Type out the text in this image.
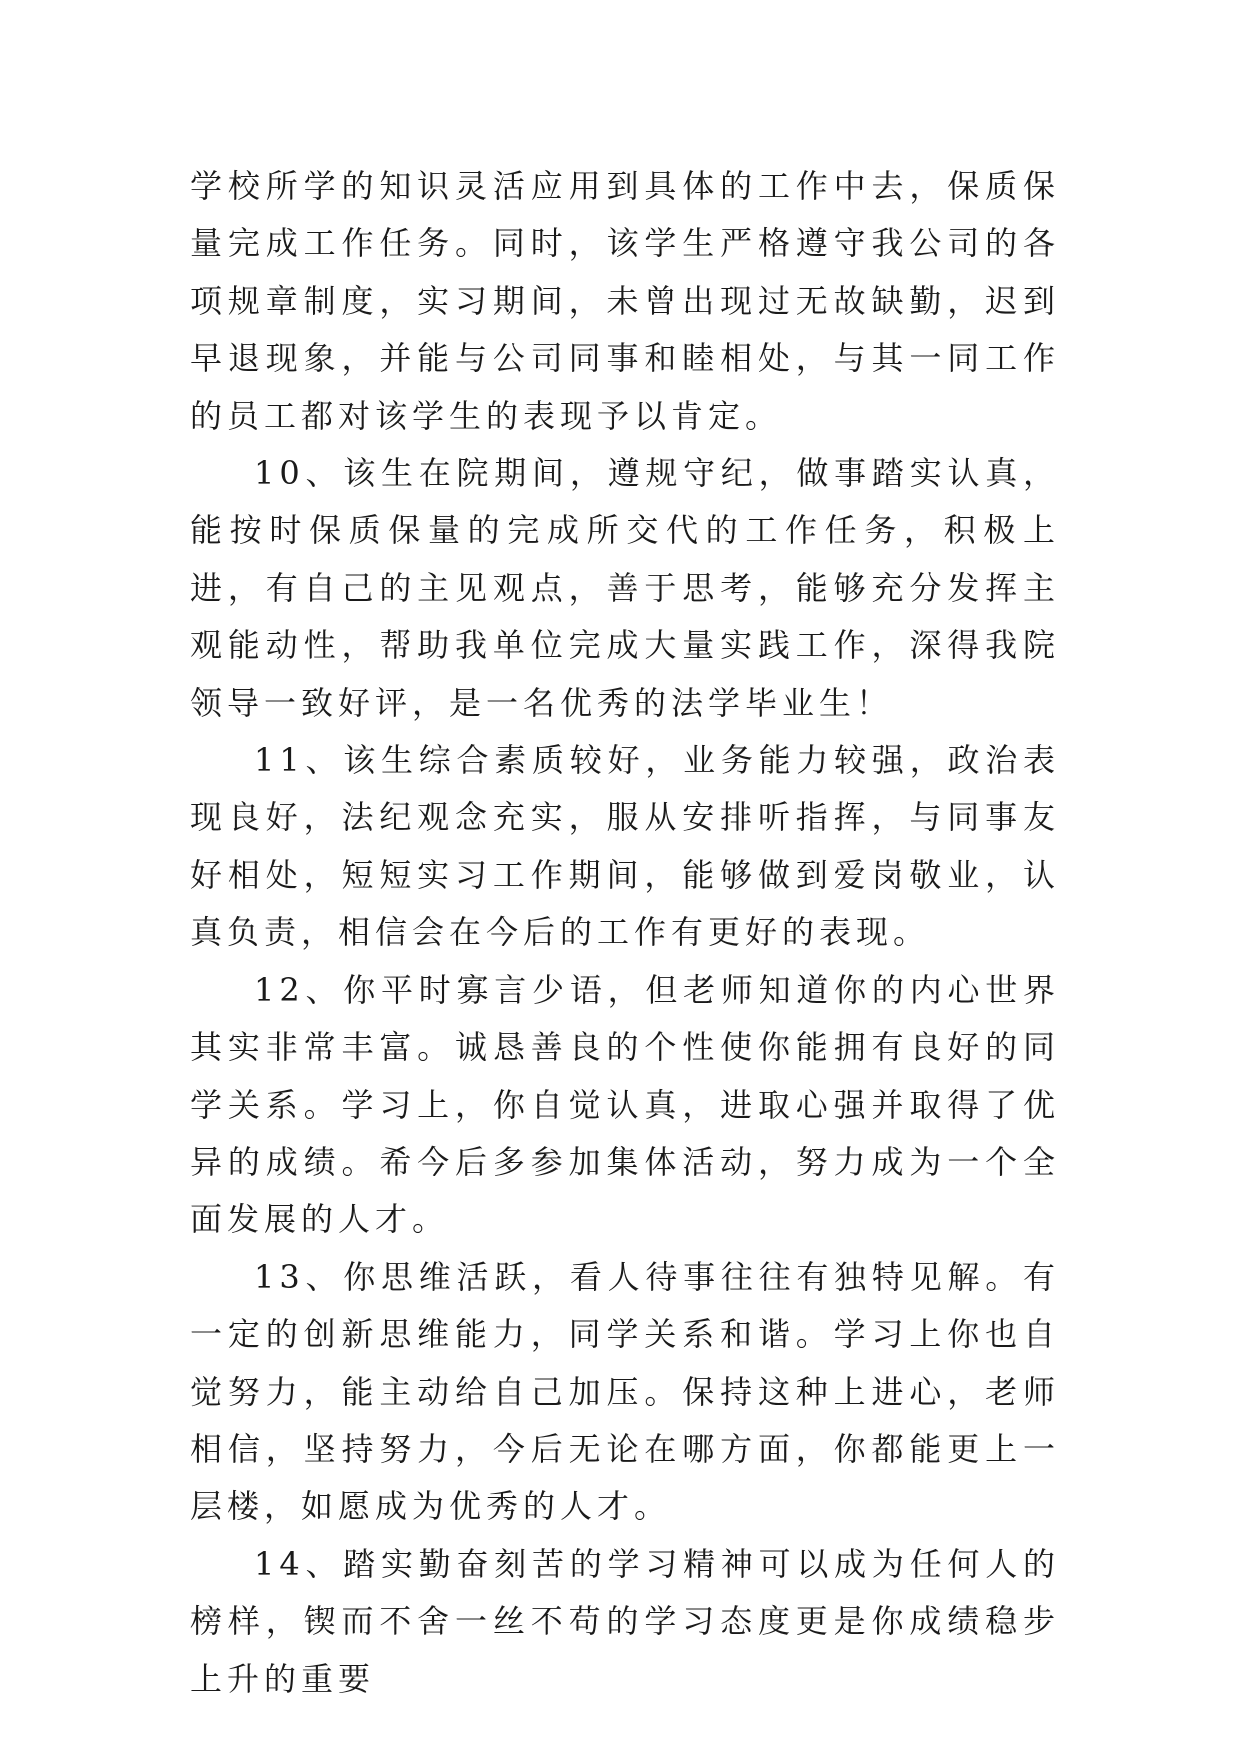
学校所学的知识灵活应用到具体的工作中去，保质保量完成工作任务。同时，该学生严格遵守我公司的各项规章制度，实习期间，未曾出现过无故缺勤，迟到早退现象，并能与公司同事和睦相处，与其一同工作的员工都对该学生的表现予以肯定。

10、该生在院期间，遵规守纪，做事踏实认真，能按时保质保量的完成所交代的工作任务，积极上进，有自己的主见观点，善于思考，能够充分发挥主观能动性，帮助我单位完成大量实践工作，深得我院领导一致好评，是一名优秀的法学毕业生！

11、该生综合素质较好，业务能力较强，政治表现良好，法纪观念充实，服从安排听指挥，与同事友好相处，短短实习工作期间，能够做到爱岗敬业，认真负责，相信会在今后的工作有更好的表现。

12、你平时寡言少语，但老师知道你的内心世界其实非常丰富。诚恳善良的个性使你能拥有良好的同学关系。学习上，你自觉认真，进取心强并取得了优异的成绩。希今后多参加集体活动，努力成为一个全面发展的人才。

13、你思维活跃，看人待事往往有独特见解。有一定的创新思维能力，同学关系和谐。学习上你也自觉努力，能主动给自己加压。保持这种上进心，老师相信，坚持努力，今后无论在哪方面，你都能更上一层楼，如愿成为优秀的人才。

14、踏实勤奋刻苦的学习精神可以成为任何人的榜样，锲而不舍一丝不苟的学习态度更是你成绩稳步上升的重要
